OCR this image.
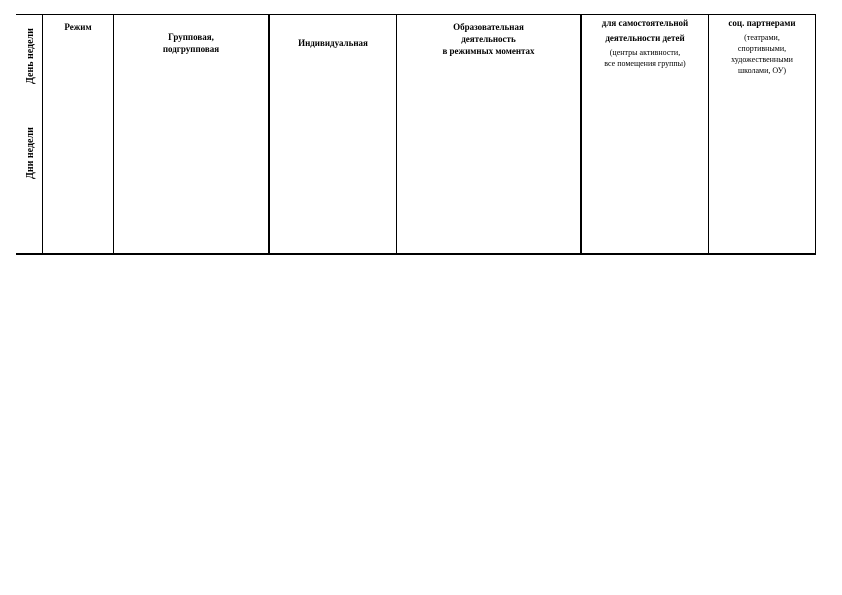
День недели
Дни недели
Режим
Групповая,
подгрупповая
Индивидуальная
Образовательная
деятельность
в режимных моментах
для самостоятельной
деятельности детей
(центры активности,
все помещения группы)
соц. партнерами
(театрами,
спортивными,
художественными
школами, ОУ)
